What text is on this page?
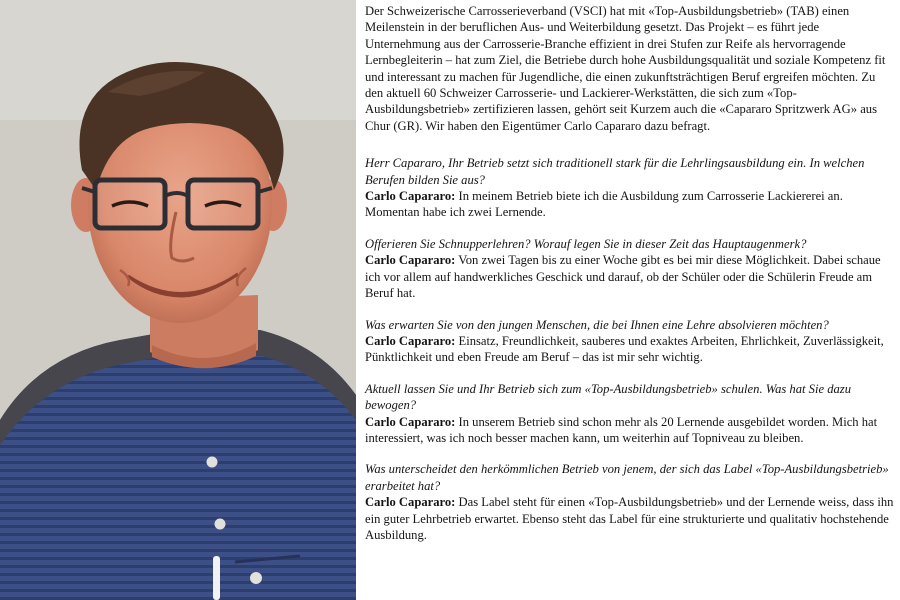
Der Schweizerische Carrosserieverband (VSCI) hat mit «Top-Ausbildungsbetrieb» (TAB) einen Meilenstein in der beruflichen Aus- und Weiterbildung gesetzt. Das Projekt – es führt jede Unternehmung aus der Carrosserie-Branche effizient in drei Stufen zur Reife als hervorragende Lernbegleiterin – hat zum Ziel, die Betriebe durch hohe Ausbildungsqualität und soziale Kompetenz fit und interessant zu machen für Jugendliche, die einen zukunftsträchtigen Beruf ergreifen möchten. Zu den aktuell 60 Schweizer Carrosserie- und Lackierer-Werkstätten, die sich zum «Top-Ausbildungsbetrieb» zertifizieren lassen, gehört seit Kurzem auch die «Capararo Spritzwerk AG» aus Chur (GR). Wir haben den Eigentümer Carlo Capararo dazu befragt.

Herr Capararo, Ihr Betrieb setzt sich traditionell stark für die Lehrlingsausbildung ein. In welchen Berufen bilden Sie aus?

Carlo Capararo: In meinem Betrieb biete ich die Ausbildung zum Carrosserie Lackiererei an. Momentan habe ich zwei Lernende.

Offerieren Sie Schnupperlehren? Worauf legen Sie in dieser Zeit das Hauptaugenmerk?

Carlo Capararo: Von zwei Tagen bis zu einer Woche gibt es bei mir diese Möglichkeit. Dabei schaue ich vor allem auf handwerkliches Geschick und darauf, ob der Schüler oder die Schülerin Freude am Beruf hat.

Was erwarten Sie von den jungen Menschen, die bei Ihnen eine Lehre absolvieren möchten?

Carlo Capararo: Einsatz, Freundlichkeit, sauberes und exaktes Arbeiten, Ehrlichkeit, Zuverlässigkeit, Pünktlichkeit und eben Freude am Beruf – das ist mir sehr wichtig.

Aktuell lassen Sie und Ihr Betrieb sich zum «Top-Ausbildungsbetrieb» schulen. Was hat Sie dazu bewogen?

Carlo Capararo: In unserem Betrieb sind schon mehr als 20 Lernende ausgebildet worden. Mich hat interessiert, was ich noch besser machen kann, um weiterhin auf Topniveau zu bleiben.

Was unterscheidet den herkömmlichen Betrieb von jenem, der sich das Label «Top-Ausbildungsbetrieb» erarbeitet hat?

Carlo Capararo: Das Label steht für einen «Top-Ausbildungsbetrieb» und der Lernende weiss, dass ihn ein guter Lehrbetrieb erwartet. Ebenso steht das Label für eine strukturierte und qualitativ hochstehende Ausbildung.
